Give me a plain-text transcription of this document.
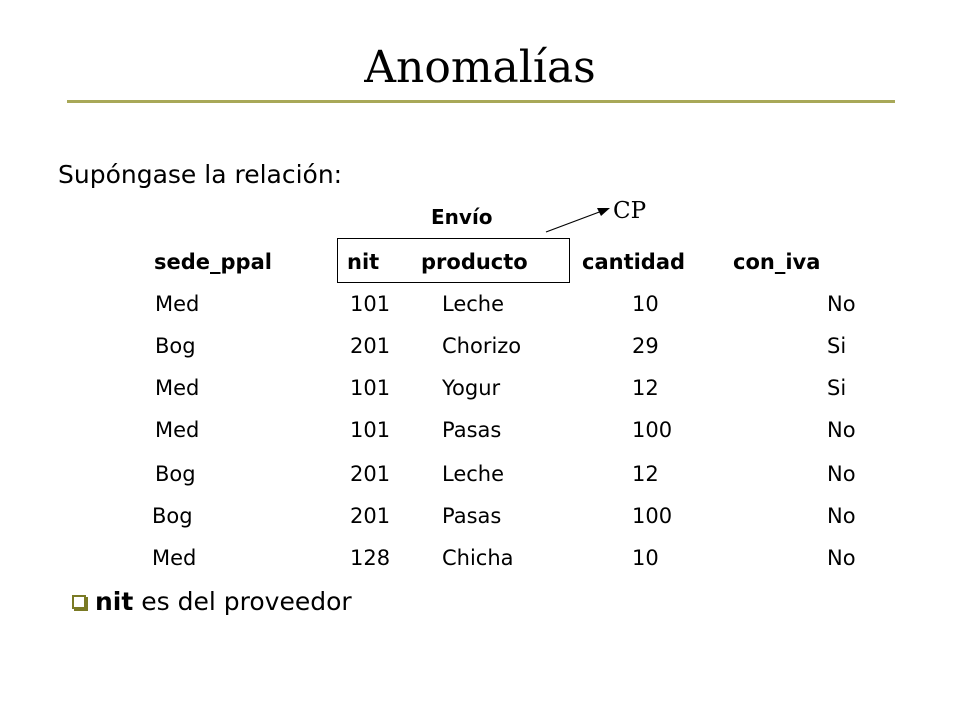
Anomalías
Supóngase la relación:
Envío	CP
sede_ppal	nit producto	cantidad con_iva
Med	101 Leche	10	No
Bog	201 Chorizo	29	Si
Med	101 Yogur	12	Si
Med	101 Pasas	100	No
Bog	201 Leche	12	No
Bog	201 Pasas	100	No
Med	128 Chicha	10	No
nit es del proveedor
